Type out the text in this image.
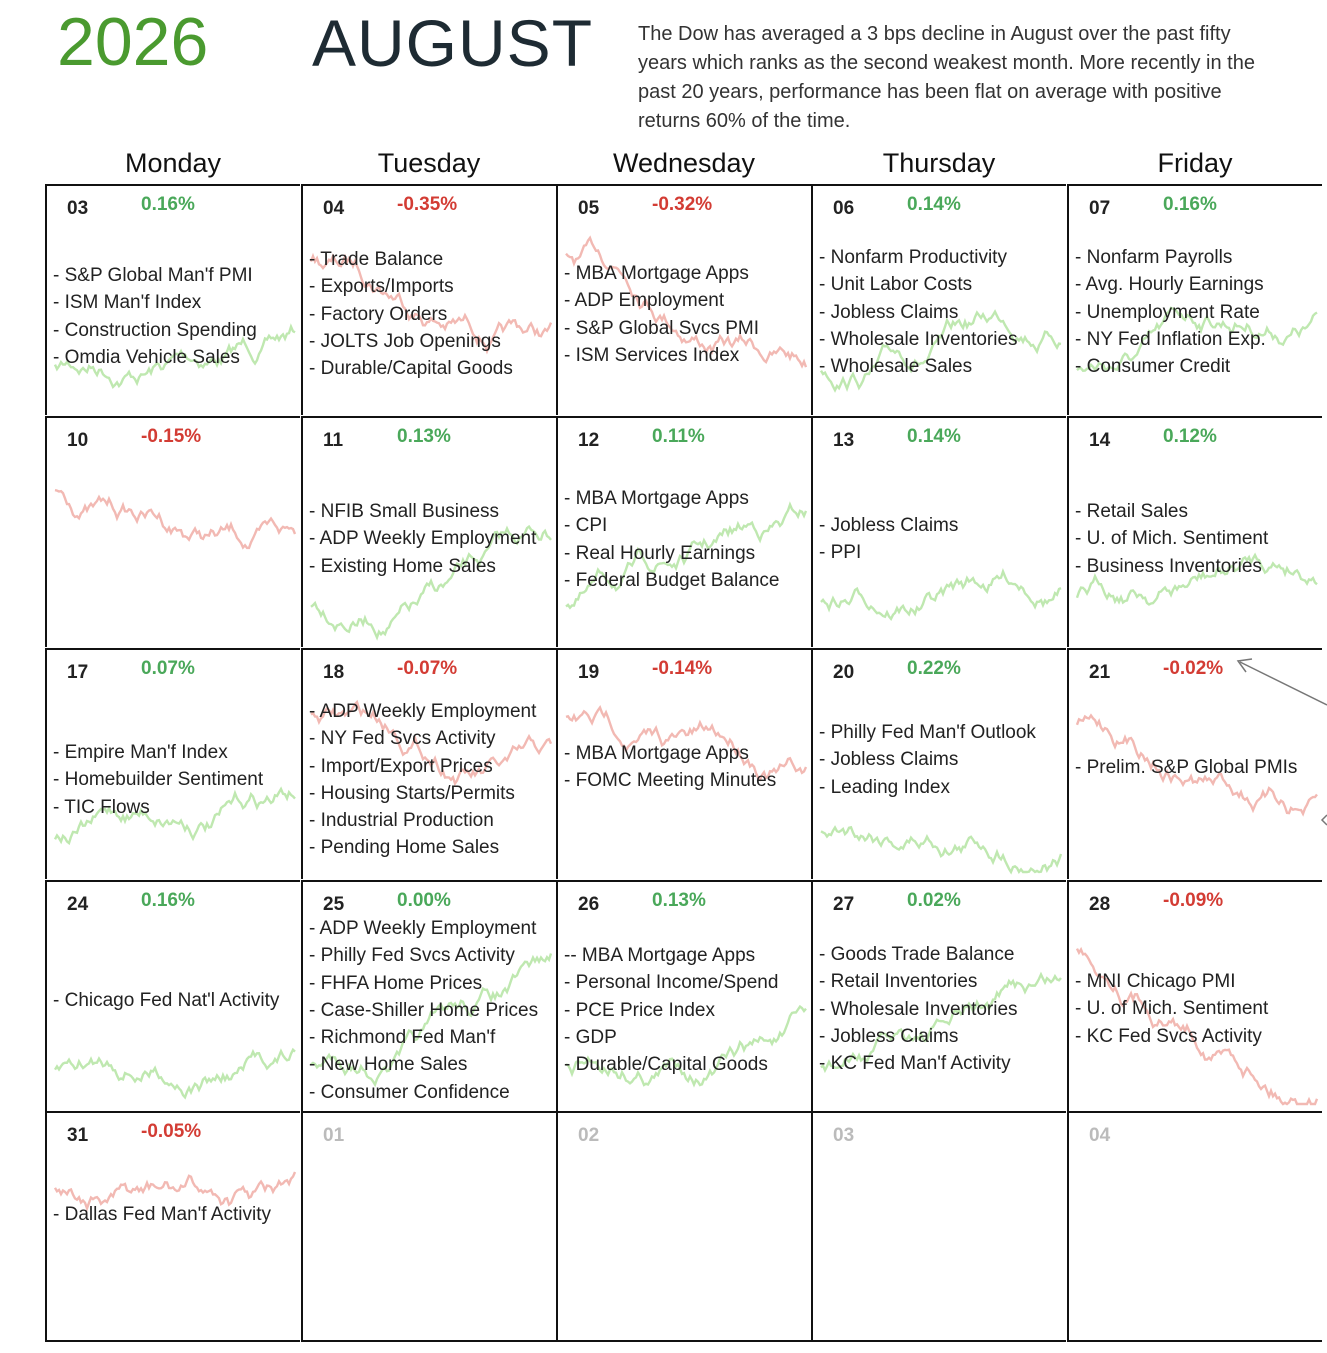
2026 AUGUST The Dow has averaged a 3 bps decline in August over the past fifty years which ranks as the second weakest month. More recently in the past 20 years, performance has been flat on average with positive returns 60% of the time.
Monday	Tuesday	Wednesday	Thursday	Friday
03	0.16%
- S&P Global Man'f PMI
- ISM Man'f Index
- Construction Spending
- Omdia Vehicle Sales
04	-0.35%
- Trade Balance
- Exports/Imports
- Factory Orders
- JOLTS Job Openings
- Durable/Capital Goods
05	-0.32%
- MBA Mortgage Apps
- ADP Employment
- S&P Global Svcs PMI
- ISM Services Index
06	0.14%
- Nonfarm Productivity
- Unit Labor Costs
- Jobless Claims
- Wholesale Inventories
- Wholesale Sales
07	0.16%
- Nonfarm Payrolls
- Avg. Hourly Earnings
- Unemployment Rate
- NY Fed Inflation Exp.
- Consumer Credit
10	-0.15%	11	0.13%
- NFIB Small Business
- ADP Weekly Employment
- Existing Home Sales
12	0.11%
- MBA Mortgage Apps
- CPI
- Real Hourly Earnings
- Federal Budget Balance
13	0.14%
- Jobless Claims
- PPI
14	0.12%
- Retail Sales
- U. of Mich. Sentiment
- Business Inventories
17	0.07%
- Empire Man'f Index
- Homebuilder Sentiment
- TIC Flows
18	-0.07%
- ADP Weekly Employment
- NY Fed Svcs Activity
- Import/Export Prices
- Housing Starts/Permits
- Industrial Production
- Pending Home Sales
19	-0.14%
- MBA Mortgage Apps
- FOMC Meeting Minutes
20	0.22%
- Philly Fed Man'f Outlook
- Jobless Claims
- Leading Index
21	-0.02%
- Prelim. S&P Global PMIs
24	0.16%
- Chicago Fed Nat'l Activity
25	0.00%
- ADP Weekly Employment
- Philly Fed Svcs Activity
- FHFA Home Prices
- Case-Shiller Home Prices
- Richmond Fed Man'f
- New Home Sales
- Consumer Confidence
26	0.13%
-- MBA Mortgage Apps
- Personal Income/Spend
- PCE Price Index
- GDP
- Durable/Capital Goods
27	0.02%
- Goods Trade Balance
- Retail Inventories
- Wholesale Inventories
- Jobless Claims
- KC Fed Man'f Activity
28	-0.09%
- MNI Chicago PMI
- U. of Mich. Sentiment
- KC Fed Svcs Activity
31	-0.05%
- Dallas Fed Man'f Activity
01	02	03	04
